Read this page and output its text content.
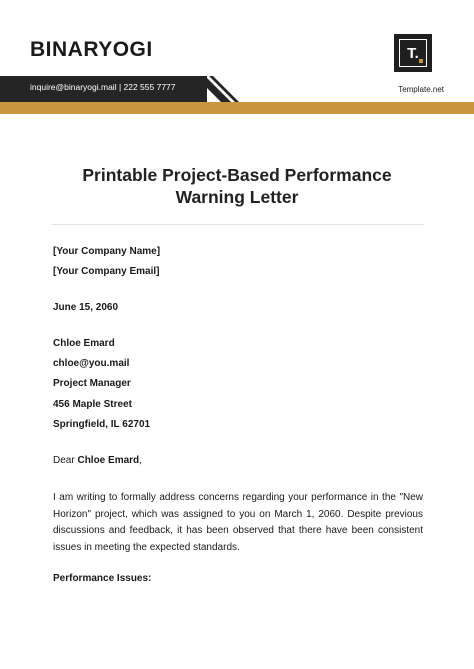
BINARYOGI
inquire@binaryogi.mail | 222 555 7777
T.
Template.net
Printable Project-Based Performance
Warning Letter
[Your Company Name]
[Your Company Email]
June 15, 2060
Chloe Emard
chloe@you.mail
Project Manager
456 Maple Street
Springfield, IL 62701
Dear Chloe Emard,
I am writing to formally address concerns regarding your performance in the "New Horizon" project, which was assigned to you on March 1, 2060. Despite previous discussions and feedback, it has been observed that there have been consistent issues in meeting the expected standards.
Performance Issues:
